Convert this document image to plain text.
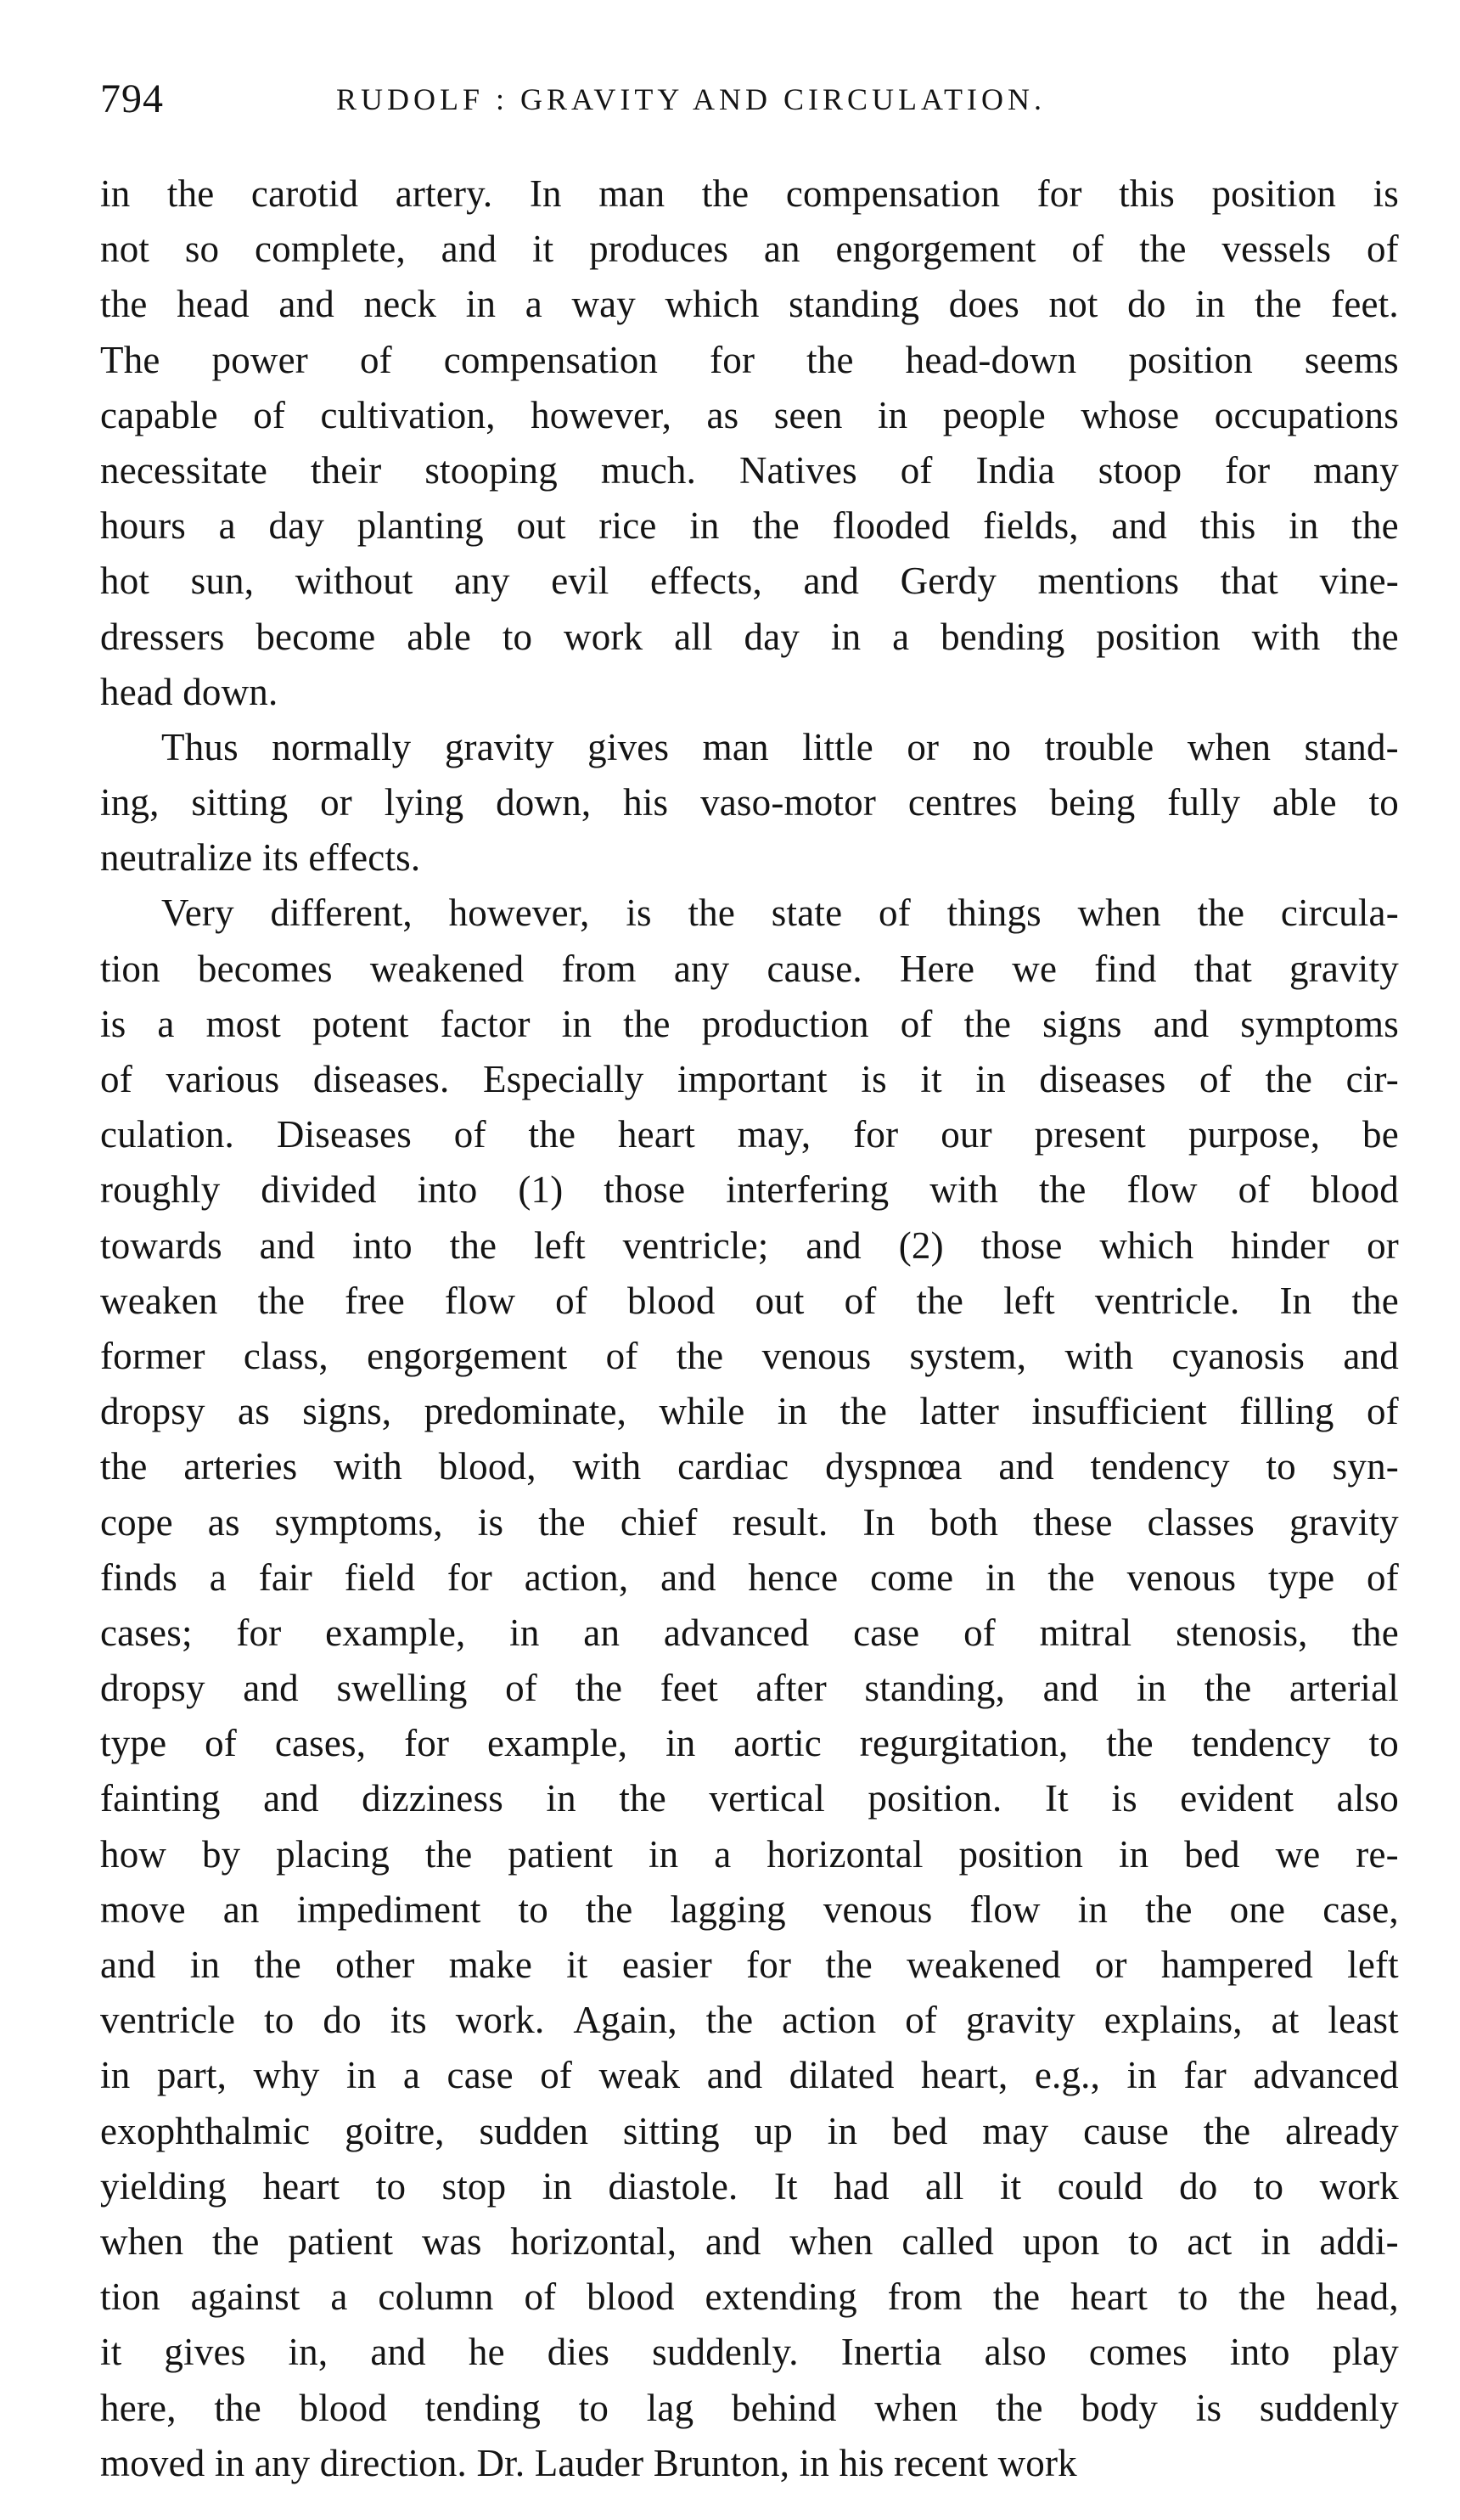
794	RUDOLF : GRAVITY AND CIRCULATION.
in the carotid artery. In man the compensation for this position is
not so complete, and it produces an engorgement of the vessels of
the head and neck in a way which standing does not do in the feet.
The power of compensation for the head-down position seems
capable of cultivation, however, as seen in people whose occupations
necessitate their stooping much. Natives of India stoop for many
hours a day planting out rice in the flooded fields, and this in the
hot sun, without any evil effects, and Gerdy mentions that vine-
dressers become able to work all day in a bending position with the
head down.
Thus normally gravity gives man little or no trouble when stand-
ing, sitting or lying down, his vaso-motor centres being fully able to
neutralize its effects.
Very different, however, is the state of things when the circula-
tion becomes weakened from any cause. Here we find that gravity
is a most potent factor in the production of the signs and symptoms
of various diseases. Especially important is it in diseases of the cir-
culation. Diseases of the heart may, for our present purpose, be
roughly divided into (1) those interfering with the flow of blood
towards and into the left ventricle; and (2) those which hinder or
weaken the free flow of blood out of the left ventricle. In the
former class, engorgement of the venous system, with cyanosis and
dropsy as signs, predominate, while in the latter insufficient filling of
the arteries with blood, with cardiac dyspnœa and tendency to syn-
cope as symptoms, is the chief result. In both these classes gravity
finds a fair field for action, and hence come in the venous type of
cases; for example, in an advanced case of mitral stenosis, the
dropsy and swelling of the feet after standing, and in the arterial
type of cases, for example, in aortic regurgitation, the tendency to
fainting and dizziness in the vertical position. It is evident also
how by placing the patient in a horizontal position in bed we re-
move an impediment to the lagging venous flow in the one case,
and in the other make it easier for the weakened or hampered left
ventricle to do its work. Again, the action of gravity explains, at least
in part, why in a case of weak and dilated heart, e.g., in far advanced
exophthalmic goitre, sudden sitting up in bed may cause the already
yielding heart to stop in diastole. It had all it could do to work
when the patient was horizontal, and when called upon to act in addi-
tion against a column of blood extending from the heart to the head,
it gives in, and he dies suddenly. Inertia also comes into play
here, the blood tending to lag behind when the body is suddenly
moved in any direction. Dr. Lauder Brunton, in his recent work
